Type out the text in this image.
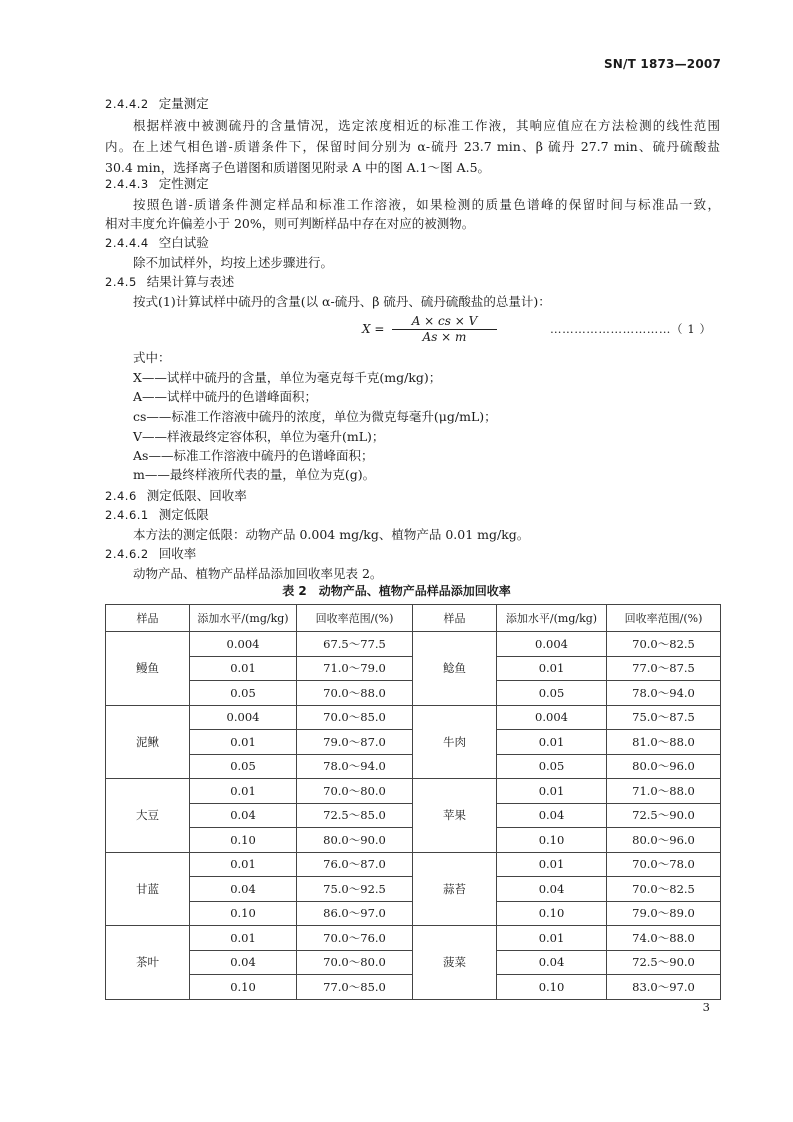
SN/T 1873—2007
2.4.4.2 定量测定
根据样液中被测硫丹的含量情况，选定浓度相近的标准工作液，其响应值应在方法检测的线性范围
内。在上述气相色谱-质谱条件下，保留时间分别为 α-硫丹 23.7 min、β 硫丹 27.7 min、硫丹硫酸盐
30.4 min，选择离子色谱图和质谱图见附录 A 中的图 A.1～图 A.5。
2.4.4.3 定性测定
按照色谱-质谱条件测定样品和标准工作溶液，如果检测的质量色谱峰的保留时间与标准品一致，
相对丰度允许偏差小于 20%，则可判断样品中存在对应的被测物。
2.4.4.4 空白试验
除不加试样外，均按上述步骤进行。
2.4.5 结果计算与表述
按式(1)计算试样中硫丹的含量(以 α-硫丹、β 硫丹、硫丹硫酸盐的总量计)：
$X = \frac{A \times cs \times V}{As \times m}$	…………………………（ 1 ）
式中：
X——试样中硫丹的含量，单位为毫克每千克(mg/kg)；
A——试样中硫丹的色谱峰面积；
cs——标准工作溶液中硫丹的浓度，单位为微克每毫升(μg/mL)；
V——样液最终定容体积，单位为毫升(mL)；
As——标准工作溶液中硫丹的色谱峰面积；
m——最终样液所代表的量，单位为克(g)。
2.4.6 测定低限、回收率
2.4.6.1 测定低限
本方法的测定低限：动物产品 0.004 mg/kg、植物产品 0.01 mg/kg。
2.4.6.2 回收率
动物产品、植物产品样品添加回收率见表 2。
表 2　动物产品、植物产品样品添加回收率
样品	添加水平/(mg/kg)	回收率范围/(%)	样品	添加水平/(mg/kg)	回收率范围/(%)
鳗鱼	0.004	67.5～77.5	鲶鱼	0.004	70.0～82.5
	0.01	71.0～79.0		0.01	77.0～87.5
	0.05	70.0～88.0		0.05	78.0～94.0
泥鳅	0.004	70.0～85.0	牛肉	0.004	75.0～87.5
	0.01	79.0～87.0		0.01	81.0～88.0
	0.05	78.0～94.0		0.05	80.0～96.0
大豆	0.01	70.0～80.0	苹果	0.01	71.0～88.0
	0.04	72.5～85.0		0.04	72.5～90.0
	0.10	80.0～90.0		0.10	80.0～96.0
甘蓝	0.01	76.0～87.0	蒜苔	0.01	70.0～78.0
	0.04	75.0～92.5		0.04	70.0～82.5
	0.10	86.0～97.0		0.10	79.0～89.0
茶叶	0.01	70.0～76.0	菠菜	0.01	74.0～88.0
	0.04	70.0～80.0		0.04	72.5～90.0
	0.10	77.0～85.0		0.10	83.0～97.0
3
